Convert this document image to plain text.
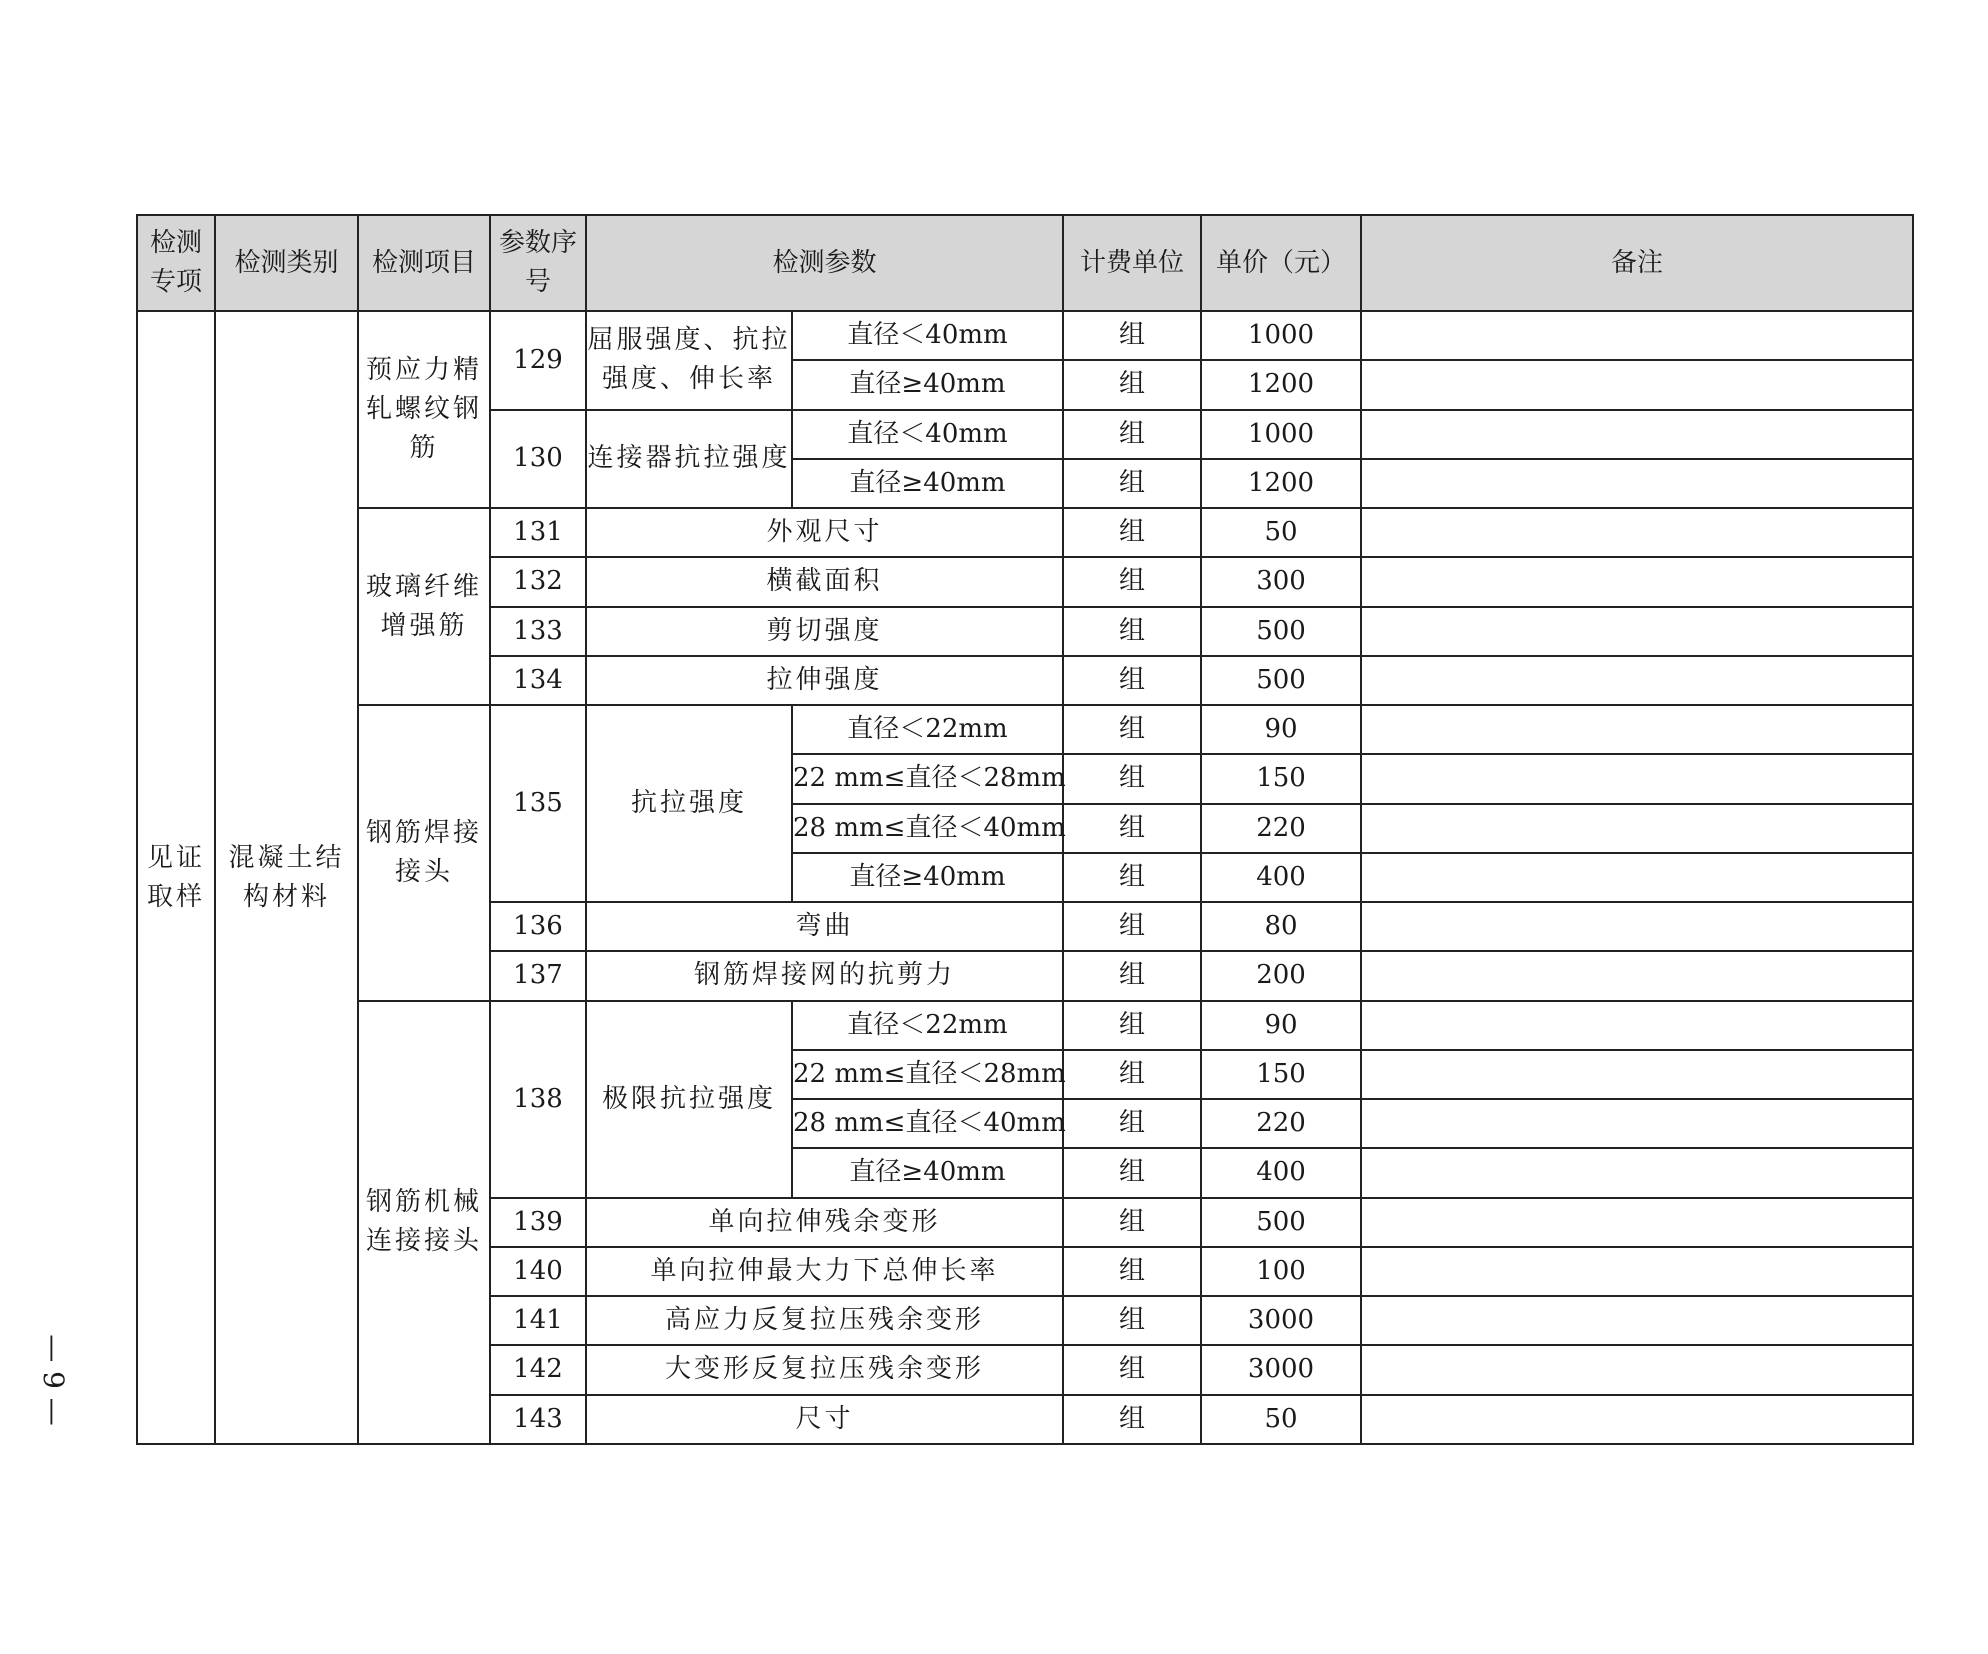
检测专项	检测类别	检测项目	参数序号	检测参数		计费单位	单价（元）	备注
见证取样	混凝土结构材料	预应力精轧螺纹钢筋	129	屈服强度、抗拉强度、伸长率	直径＜40mm	组	1000	
					直径≥40mm	组	1200	
			130	连接器抗拉强度	直径＜40mm	组	1000	
					直径≥40mm	组	1200	
		玻璃纤维增强筋	131	外观尺寸		组	50	
			132	横截面积		组	300	
			133	剪切强度		组	500	
			134	拉伸强度		组	500	
		钢筋焊接接头	135	抗拉强度	直径＜22mm	组	90	
					22 mm≤直径＜28mm	组	150	
					28 mm≤直径＜40mm	组	220	
					直径≥40mm	组	400	
			136	弯曲		组	80	
			137	钢筋焊接网的抗剪力		组	200	
		钢筋机械连接接头	138	极限抗拉强度	直径＜22mm	组	90	
					22 mm≤直径＜28mm	组	150	
					28 mm≤直径＜40mm	组	220	
					直径≥40mm	组	400	
			139	单向拉伸残余变形		组	500	
			140	单向拉伸最大力下总伸长率		组	100	
			141	高应力反复拉压残余变形		组	3000	
			142	大变形反复拉压残余变形		组	3000	
			143	尺寸		组	50	
— 9 —
